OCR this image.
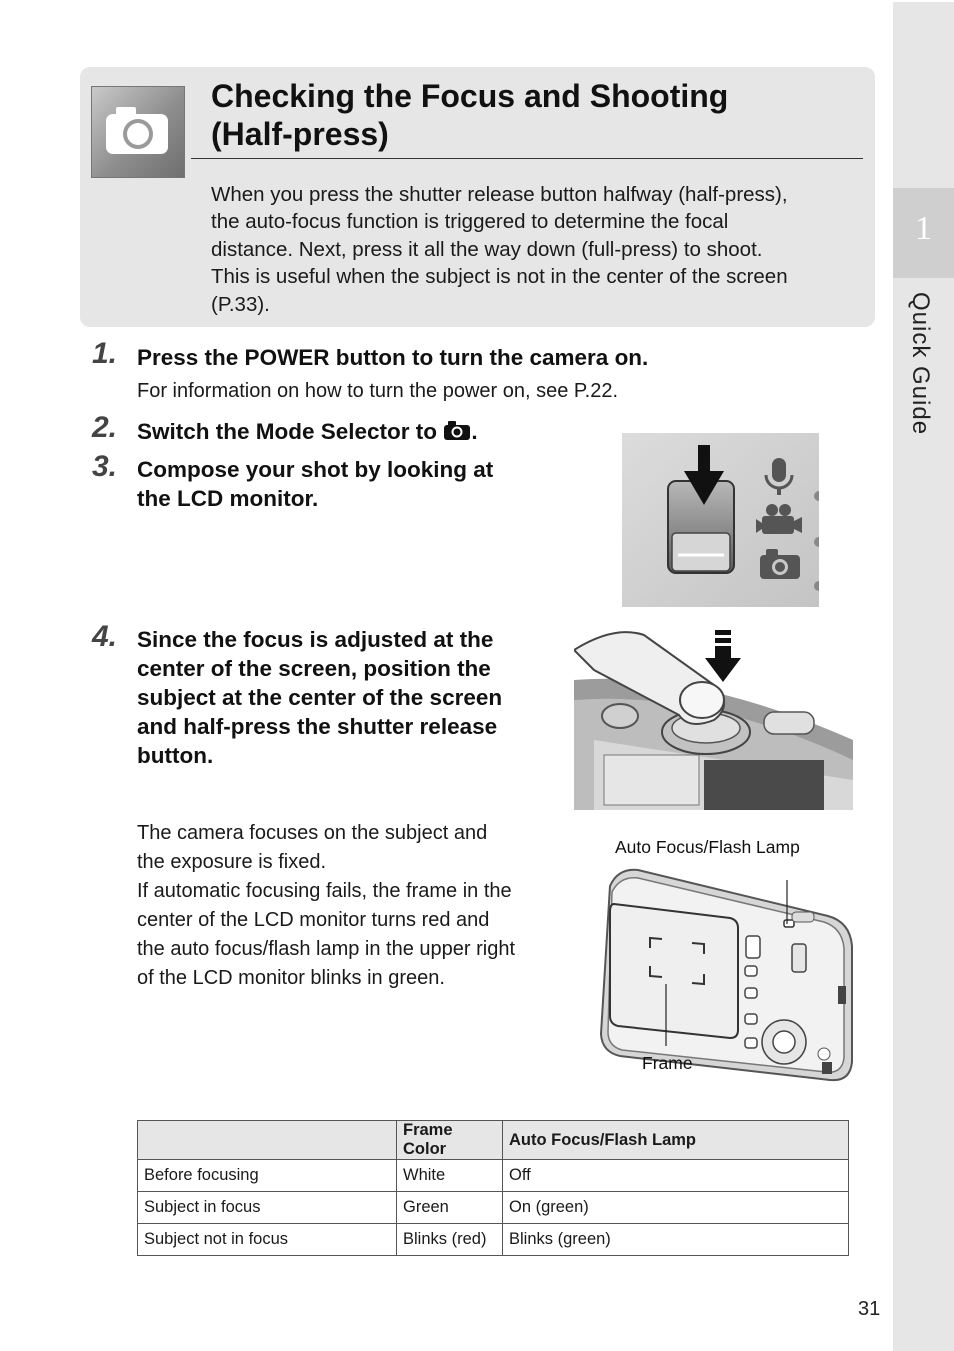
1
Quick Guide
Checking the Focus and Shooting
(Half-press)

When you press the shutter release button halfway (half-press),
the auto-focus function is triggered to determine the focal
distance. Next, press it all the way down (full-press) to shoot.
This is useful when the subject is not in the center of the screen
(P.33).

1. Press the POWER button to turn the camera on.

For information on how to turn the power on, see P.22.

2. Switch the Mode Selector to .

3. Compose your shot by looking at
the LCD monitor.

4. Since the focus is adjusted at the
center of the screen, position the
subject at the center of the screen
and half-press the shutter release
button.

The camera focuses on the subject and
the exposure is fixed.
If automatic focusing fails, the frame in the
center of the LCD monitor turns red and
the auto focus/flash lamp in the upper right
of the LCD monitor blinks in green.

Auto Focus/Flash Lamp

Frame

	Frame Color	Auto Focus/Flash Lamp
Before focusing	White	Off
Subject in focus	Green	On (green)
Subject not in focus	Blinks (red)	Blinks (green)
31
